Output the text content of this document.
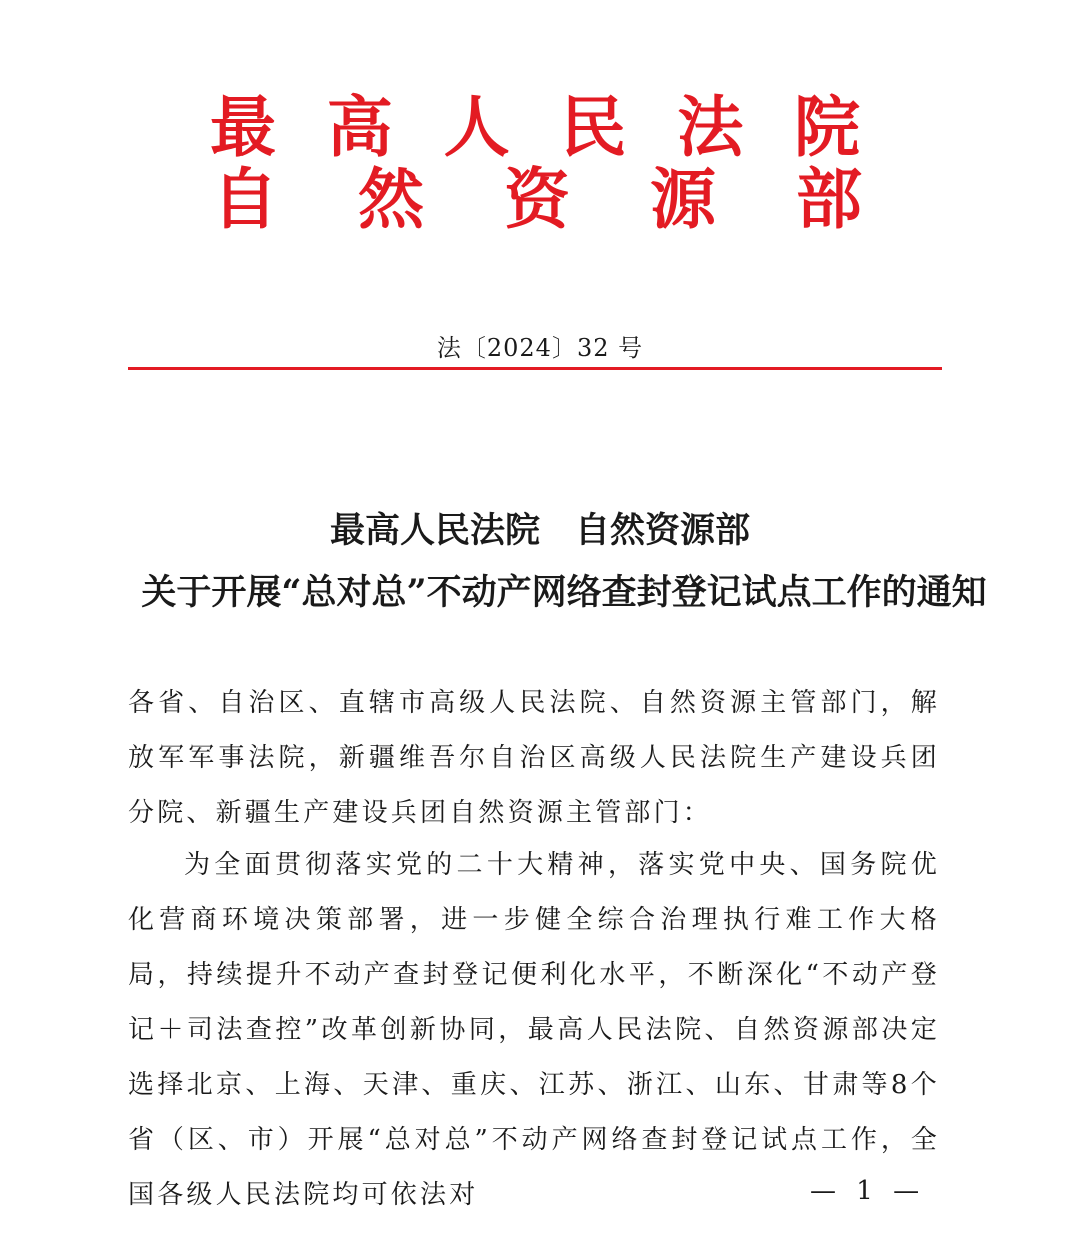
最 高 人 民 法 院
自 然 资 源 部
法〔2024〕32 号
最高人民法院　自然资源部
关于开展“总对总”不动产网络查封登记试点工作的通知
各省、自治区、直辖市高级人民法院、自然资源主管部门，解放军军事法院，新疆维吾尔自治区高级人民法院生产建设兵团分院、新疆生产建设兵团自然资源主管部门：
为全面贯彻落实党的二十大精神，落实党中央、国务院优化营商环境决策部署，进一步健全综合治理执行难工作大格局，持续提升不动产查封登记便利化水平，不断深化“不动产登记＋司法查控”改革创新协同，最高人民法院、自然资源部决定选择北京、上海、天津、重庆、江苏、浙江、山东、甘肃等8个省（区、市）开展“总对总”不动产网络查封登记试点工作，全国各级人民法院均可依法对	— 1 —
